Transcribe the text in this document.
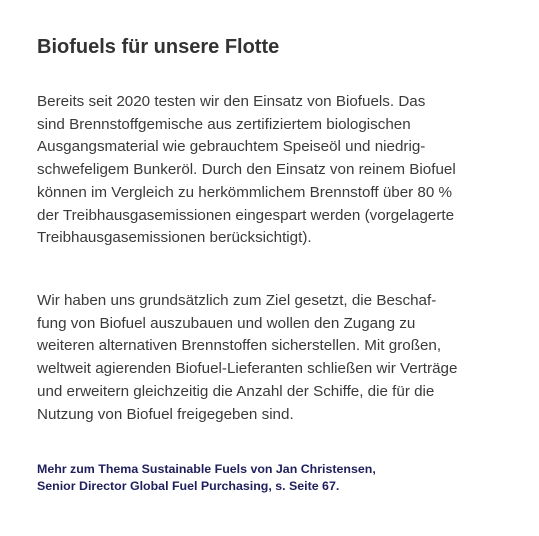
Biofuels für unsere Flotte

Bereits seit 2020 testen wir den Einsatz von Biofuels. Das
sind Brennstoffgemische aus zertifiziertem biologischen
Ausgangsmaterial wie gebrauchtem Speiseöl und niedrig-
schwefeligem Bunkeröl. Durch den Einsatz von reinem Biofuel
können im Vergleich zu herkömmlichem Brennstoff über 80 %
der Treibhausgasemissionen eingespart werden (vorgelagerte
Treibhausgasemissionen berücksichtigt).

Wir haben uns grundsätzlich zum Ziel gesetzt, die Beschaf-
fung von Biofuel auszubauen und wollen den Zugang zu
weiteren alternativen Brennstoffen sicherstellen. Mit großen,
weltweit agierenden Biofuel-Lieferanten schließen wir Verträge
und erweitern gleichzeitig die Anzahl der Schiffe, die für die
Nutzung von Biofuel freigegeben sind.

Mehr zum Thema Sustainable Fuels von Jan Christensen,
Senior Director Global Fuel Purchasing, s. Seite 67.
